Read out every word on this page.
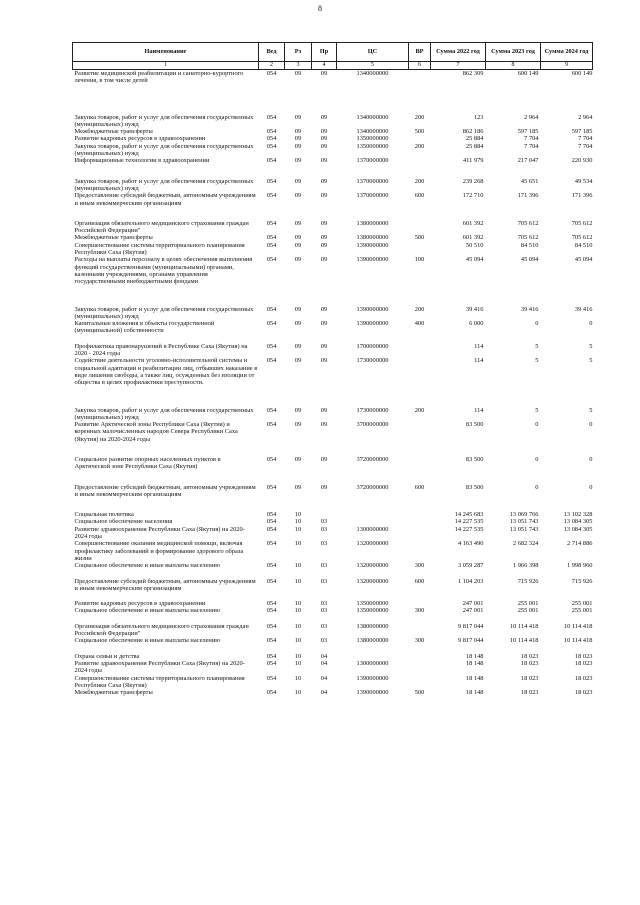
8
Наименование	Вед	Рз	Пр	ЦС	ВР	Сумма 2022 год	Сумма 2023 год	Сумма 2024 год
1	2	3	4	5	6	7	8	9
Развитие медицинской реабилитации и санаторно-курортного лечения, в том числе детей	054	09	09	1340000000		862 309	600 149	600 149

Закупка товаров, работ и услуг для обеспечения государственных (муниципальных) нужд	054	09	09	1340000000	200	123	2 964	2 964
Межбюджетные трансферты	054	09	09	1340000000	500	862 186	597 185	597 185
Развитие кадровых ресурсов в здравоохранении	054	09	09	1350000000		25 884	7 704	7 704
Закупка товаров, работ и услуг для обеспечения государственных (муниципальных) нужд	054	09	09	1350000000	200	25 884	7 704	7 704
Информационные технологии в здравоохранении	054	09	09	1370000000		411 979	217 047	220 930

Закупка товаров, работ и услуг для обеспечения государственных (муниципальных) нужд	054	09	09	1370000000	200	239 268	45 651	49 534
Предоставление субсидий бюджетным, автономным учреждениям и иным некоммерческим организациям	054	09	09	1370000000	600	172 710	171 396	171 396

Организация обязательного медицинского страхования граждан Российской Федерации"	054	09	09	1380000000		601 392	705 612	705 612
Межбюджетные трансферты	054	09	09	1380000000	500	601 392	705 612	705 612
Совершенствование системы территориального планирования Республики Саха (Якутия)	054	09	09	1390000000		50 510	84 510	84 510
Расходы на выплаты персоналу в целях обеспечения выполнения функций государственными (муниципальными) органами, казенными учреждениями, органами управления государственными внебюджетными фондами	054	09	09	1390000000	100	45 094	45 094	45 094

Закупка товаров, работ и услуг для обеспечения государственных (муниципальных) нужд	054	09	09	1390000000	200	39 416	39 416	39 416
Капитальные вложения в объекты государственной (муниципальной) собственности	054	09	09	1390000000	400	6 000	0	0

Профилактика правонарушений в Республике Саха (Якутия) на 2020 - 2024 годы	054	09	09	1700000000		114	5	5
Содействие деятельности уголовно-исполнительной системы и социальной адаптации и реабилитации лиц, отбывших наказание в виде лишения свободы, а также лиц, осужденных без изоляции от общества в целях профилактики преступности.	054	09	09	1730000000		114	5	5

Закупка товаров, работ и услуг для обеспечения государственных (муниципальных) нужд	054	09	09	1730000000	200	114	5	5
Развитие Арктической зоны Республики Саха (Якутия) и коренных малочисленных народов Севера Республики Саха (Якутия) на 2020-2024 годы	054	09	09	3700000000		83 500	0	0

Социальное развитие опорных населенных пунктов в Арктической зоне Республики Саха (Якутия)	054	09	09	3720000000		83 500	0	0

Предоставление субсидий бюджетным, автономным учреждениям и иным некоммерческим организациям	054	09	09	3720000000	600	83 500	0	0

Социальная политика	054	10				14 245 683	13 069 766	13 102 328
Социальное обеспечение населения	054	10	03			14 227 535	13 051 743	13 084 305
Развитие здравоохранения Республики Саха (Якутия) на 2020-2024 годы	054	10	03	1300000000		14 227 535	13 051 743	13 084 305
Совершенствование оказания медицинской помощи, включая профилактику заболеваний и формирование здорового образа жизни	054	10	03	1320000000		4 163 490	2 682 324	2 714 886
Социальное обеспечение и иные выплаты населению	054	10	03	1320000000	300	3 059 287	1 966 398	1 998 960

Предоставление субсидий бюджетным, автономным учреждениям и иным некоммерческим организациям	054	10	03	1320000000	600	1 104 203	715 926	715 926

Развитие кадровых ресурсов в здравоохранении	054	10	03	1350000000		247 001	255 001	255 001
Социальное обеспечение и иные выплаты населению	054	10	03	1350000000	300	247 001	255 001	255 001

Организация обязательного медицинского страхования граждан Российской Федерации"	054	10	03	1380000000		9 817 044	10 114 418	10 114 418
Социальное обеспечение и иные выплаты населению	054	10	03	1380000000	300	9 817 044	10 114 418	10 114 418

Охрана семьи и детства	054	10	04			18 148	18 023	18 023
Развитие здравоохранения Республики Саха (Якутия) на 2020-2024 годы	054	10	04	1300000000		18 148	18 023	18 023
Совершенствование системы территориального планирования Республики Саха (Якутия)	054	10	04	1390000000		18 148	18 023	18 023
Межбюджетные трансферты	054	10	04	1390000000	500	18 148	18 023	18 023
